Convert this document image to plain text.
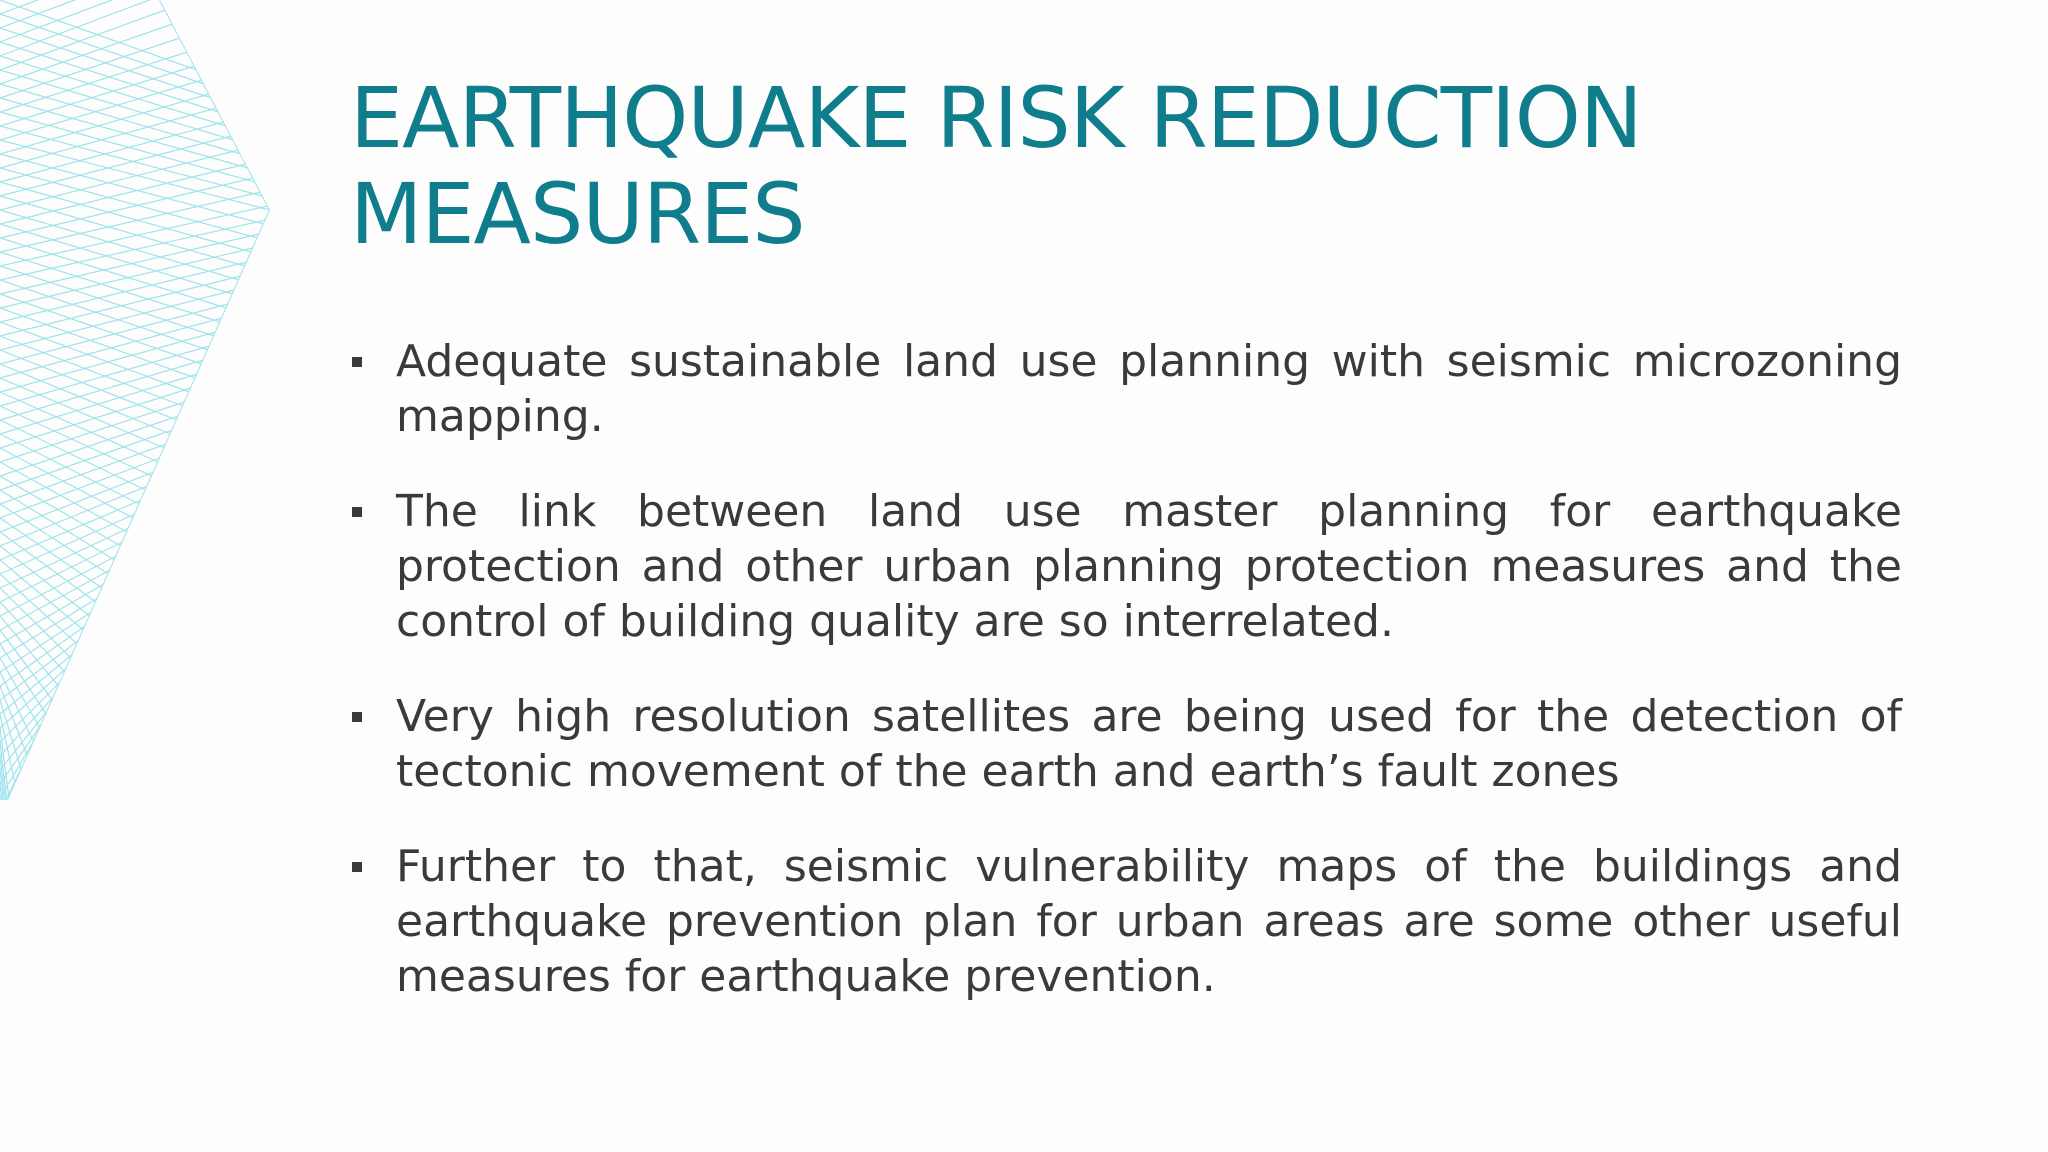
EARTHQUAKE RISK REDUCTION
MEASURES
Adequate sustainable land use planning with seismic microzoning mapping.
The link between land use master planning for earthquake protection and other urban planning protection measures and the control of building quality are so interrelated.
Very high resolution satellites are being used for the detection of tectonic movement of the earth and earth’s fault zones
Further to that, seismic vulnerability maps of the buildings and earthquake prevention plan for urban areas are some other useful measures for earthquake prevention.
